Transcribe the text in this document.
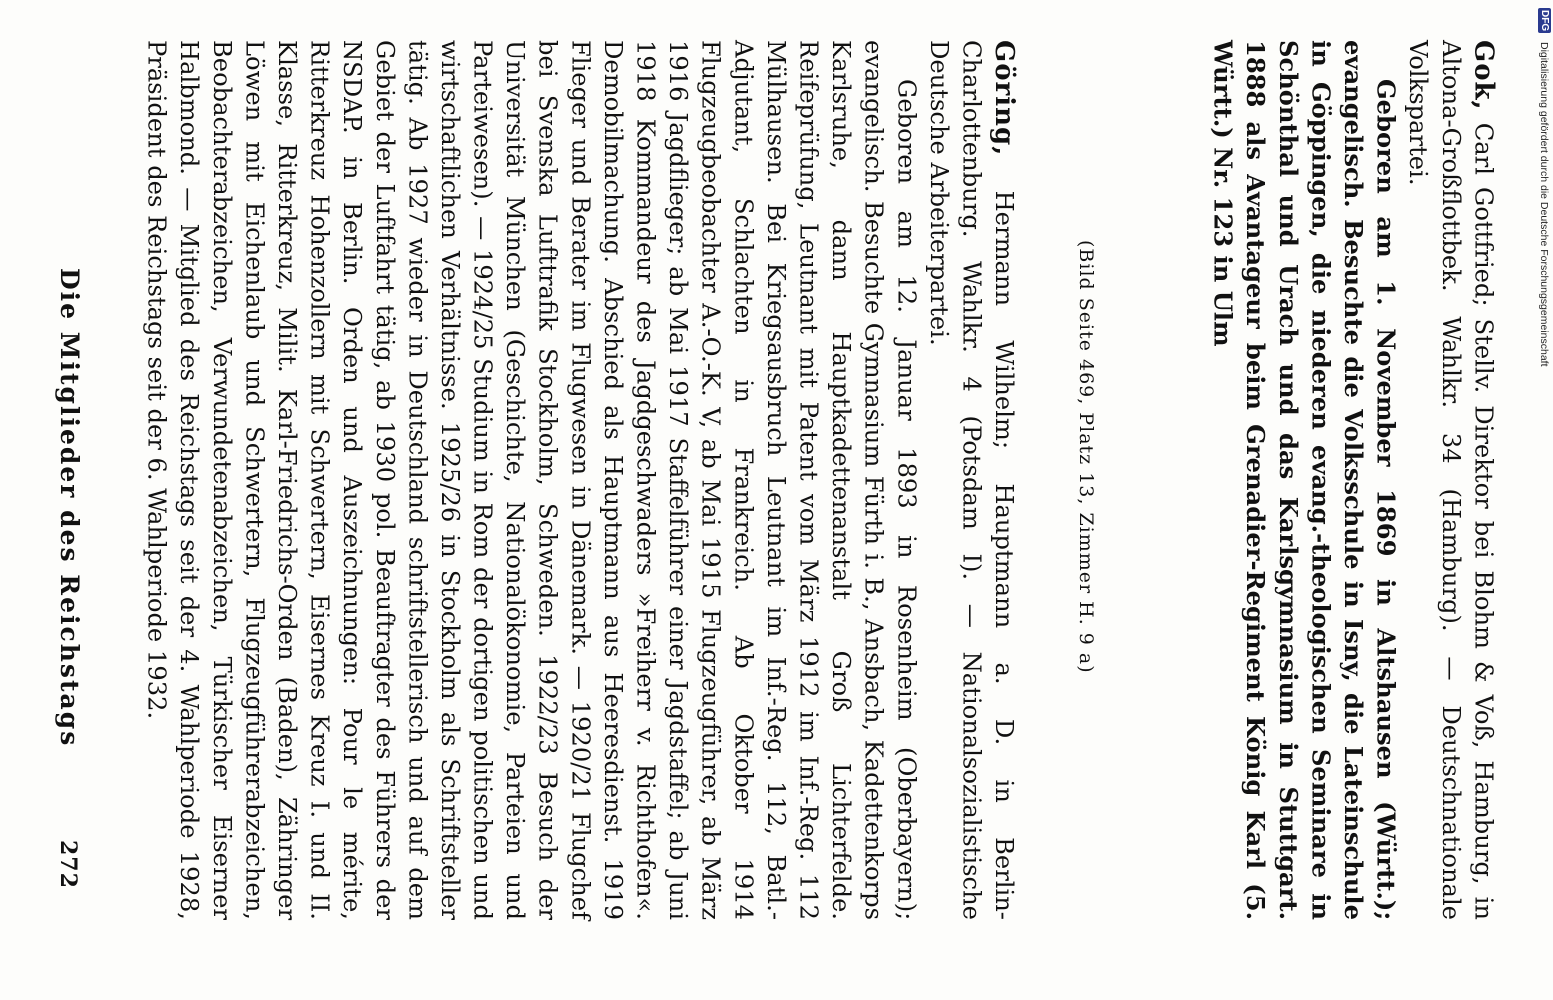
272
Die Mitglieder des Reichstags

Göring, Hermann Wilhelm; Hauptmann a. D. in Berlin-Charlottenburg. Wahlkr. 4 (Potsdam I). — Nationalsozialistische Deutsche Arbeiterpartei.

Geboren am 12. Januar 1893 in Rosenheim (Oberbayern); evangelisch. Besuchte Gymnasium Fürth i. B., Ansbach, Kadettenkorps Karlsruhe, dann Hauptkadettenanstalt Groß Lichterfelde. Reifeprüfung, Leutnant mit Patent vom März 1912 im Inf.-Reg. 112 Mülhausen. Bei Kriegsausbruch Leutnant im Inf.-Reg. 112, Batl.-Adjutant, Schlachten in Frankreich. Ab Oktober 1914 Flugzeugbeobachter A.-O.-K. V, ab Mai 1915 Flugzeugführer, ab März 1916 Jagdflieger; ab Mai 1917 Staffelführer einer Jagdstaffel; ab Juni 1918 Kommandeur des Jagdgeschwaders »Freiherr v. Richthofen«. Demobilmachung. Abschied als Hauptmann aus Heeresdienst. 1919 Flieger und Berater im Flugwesen in Dänemark. — 1920/21 Flugchef bei Svenska Lufttrafik Stockholm, Schweden. 1922/23 Besuch der Universität München (Geschichte, Nationalökonomie, Parteien und Parteiwesen). — 1924/25 Studium in Rom der dortigen politischen und wirtschaftlichen Verhältnisse. 1925/26 in Stockholm als Schriftsteller tätig. Ab 1927 wieder in Deutschland schriftstellerisch und auf dem Gebiet der Luftfahrt tätig, ab 1930 pol. Beauftragter des Führers der NSDAP. in Berlin. Orden und Auszeichnungen: Pour le mérite, Ritterkreuz Hohenzollern mit Schwertern, Eisernes Kreuz I. und II. Klasse, Ritterkreuz, Milit. Karl-Friedrichs-Orden (Baden), Zähringer Löwen mit Eichenlaub und Schwertern, Flugzeugführerabzeichen, Beobachterabzeichen, Verwundetenabzeichen, Türkischer Eiserner Halbmond. — Mitglied des Reichstags seit der 4. Wahlperiode 1928, Präsident des Reichstags seit der 6. Wahlperiode 1932.	(Bild Seite 469, Platz 13, Zimmer H. 9 a)

Gok, Carl Gottfried; Stellv. Direktor bei Blohm & Voß, Hamburg, in Altona-Großflottbek. Wahlkr. 34 (Hamburg). — Deutschnationale Volkspartei.

Geboren am 1. November 1869 in Altshausen (Württ.); evangelisch. Besuchte die Volksschule in Isny, die Lateinschule in Göppingen, die niederen evang.-theologischen Seminare in Schönthal und Urach und das Karlsgymnasium in Stuttgart. 1888 als Avantageur beim Grenadier-Regiment König Karl (5. Württ.) Nr. 123 in Ulm

DFG Digitalisierung gefördert durch die Deutsche Forschungsgemeinschaft
